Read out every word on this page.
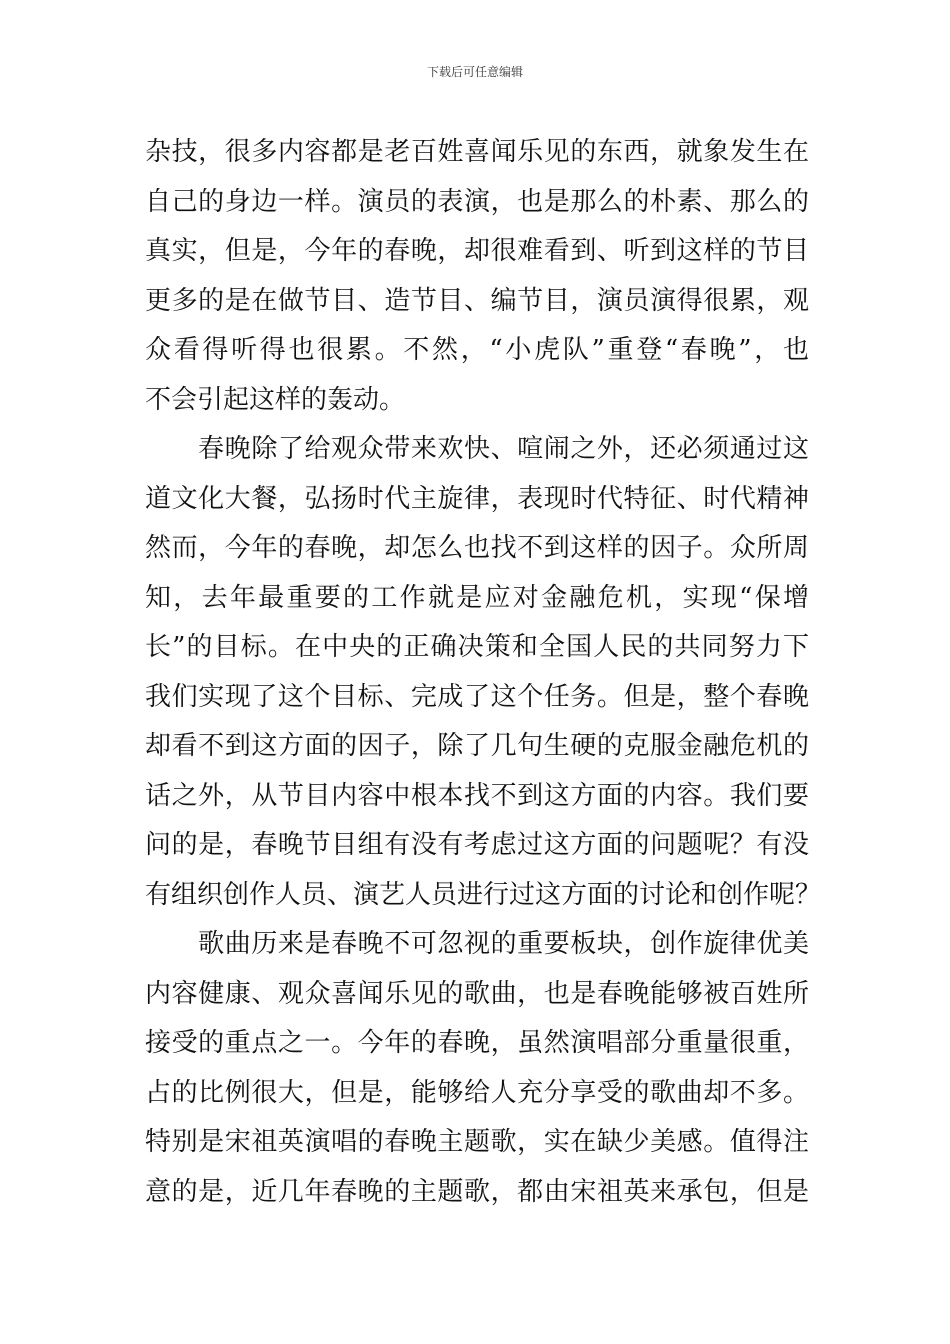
下载后可任意编辑
杂技，很多内容都是老百姓喜闻乐见的东西，就象发生在
自己的身边一样。演员的表演，也是那么的朴素、那么的
真实，但是，今年的春晚，却很难看到、听到这样的节目
更多的是在做节目、造节目、编节目，演员演得很累，观
众看得听得也很累。不然，“小虎队”重登“春晚”，也
不会引起这样的轰动。
　　春晚除了给观众带来欢快、喧闹之外，还必须通过这
道文化大餐，弘扬时代主旋律，表现时代特征、时代精神
然而，今年的春晚，却怎么也找不到这样的因子。众所周
知，去年最重要的工作就是应对金融危机，实现“保增
长”的目标。在中央的正确决策和全国人民的共同努力下
我们实现了这个目标、完成了这个任务。但是，整个春晚
却看不到这方面的因子，除了几句生硬的克服金融危机的
话之外，从节目内容中根本找不到这方面的内容。我们要
问的是，春晚节目组有没有考虑过这方面的问题呢？有没
有组织创作人员、演艺人员进行过这方面的讨论和创作呢？
　　歌曲历来是春晚不可忽视的重要板块，创作旋律优美
内容健康、观众喜闻乐见的歌曲，也是春晚能够被百姓所
接受的重点之一。今年的春晚，虽然演唱部分重量很重，
占的比例很大，但是，能够给人充分享受的歌曲却不多。
特别是宋祖英演唱的春晚主题歌，实在缺少美感。值得注
意的是，近几年春晚的主题歌，都由宋祖英来承包，但是
